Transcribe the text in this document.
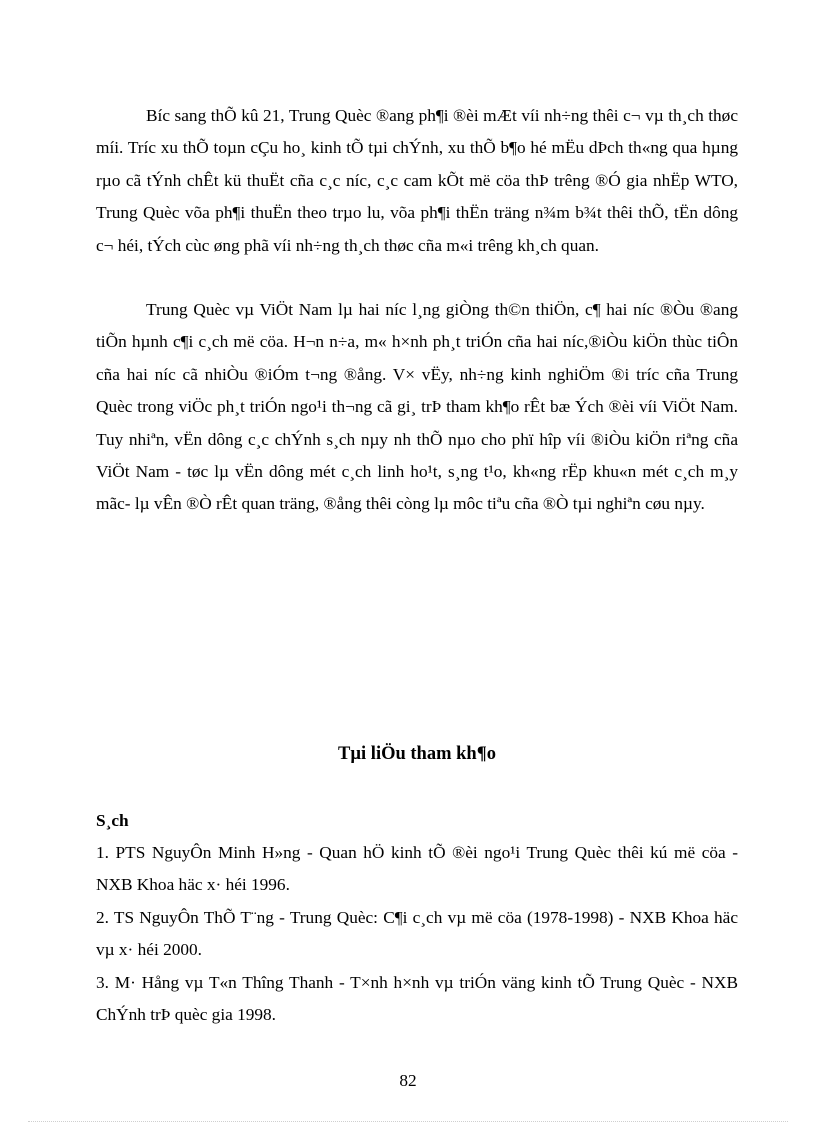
Bíc sang thÕ kû 21, Trung Quèc ®ang ph¶i ®èi mÆt víi nh÷ng thêi c¬ vµ th¸ch thøc míi. Tríc xu thÕ toµn cÇu ho¸ kinh tÕ tµi chÝnh, xu thÕ b¶o hé mËu dÞch th«ng qua hµng rµo cã tÝnh chÊt kü thuËt cña c¸c níc, c¸c cam kÕt më cöa thÞ trêng ®Ó gia nhËp WTO, Trung Quèc võa ph¶i thuËn theo trµo lu, võa ph¶i thËn träng n¾m b¾t thêi thÕ, tËn dông c¬ héi, tÝch cùc øng phã víi nh÷ng th¸ch thøc cña m«i trêng kh¸ch quan.

Trung Quèc vµ ViÖt Nam lµ hai níc l¸ng giÒng th©n thiÖn, c¶ hai níc ®Òu ®ang tiÕn hµnh c¶i c¸ch më cöa. H¬n n÷a, m« h×nh ph¸t triÓn cña hai níc,®iÒu kiÖn thùc tiÔn cña hai níc cã nhiÒu ®iÓm t¬ng ®ång. V× vËy, nh÷ng kinh nghiÖm ®i tríc cña Trung Quèc trong viÖc ph¸t triÓn ngo¹i th¬ng cã gi¸ trÞ tham kh¶o rÊt bæ Ých ®èi víi ViÖt Nam. Tuy nhiªn, vËn dông c¸c chÝnh s¸ch nµy nh thÕ nµo cho phï hîp víi ®iÒu kiÖn riªng cña ViÖt Nam - tøc lµ vËn dông mét c¸ch linh ho¹t, s¸ng t¹o, kh«ng rËp khu«n mét c¸ch m¸y mãc- lµ vÊn ®Ò rÊt quan träng, ®ång thêi còng lµ môc tiªu cña ®Ò tµi nghiªn cøu nµy.

Tµi liÖu tham kh¶o
S¸ch
1. PTS NguyÔn Minh H»ng - Quan hÖ kinh tÕ ®èi ngo¹i Trung Quèc thêi kú më cöa - NXB Khoa häc x· héi 1996.
2. TS NguyÔn ThÕ T¨ng - Trung Quèc: C¶i c¸ch vµ më cöa (1978-1998) - NXB Khoa häc vµ x· héi 2000.
3. M· Hång vµ T«n Thîng Thanh - T×nh h×nh vµ triÓn väng kinh tÕ Trung Quèc - NXB ChÝnh trÞ quèc gia 1998.
82
